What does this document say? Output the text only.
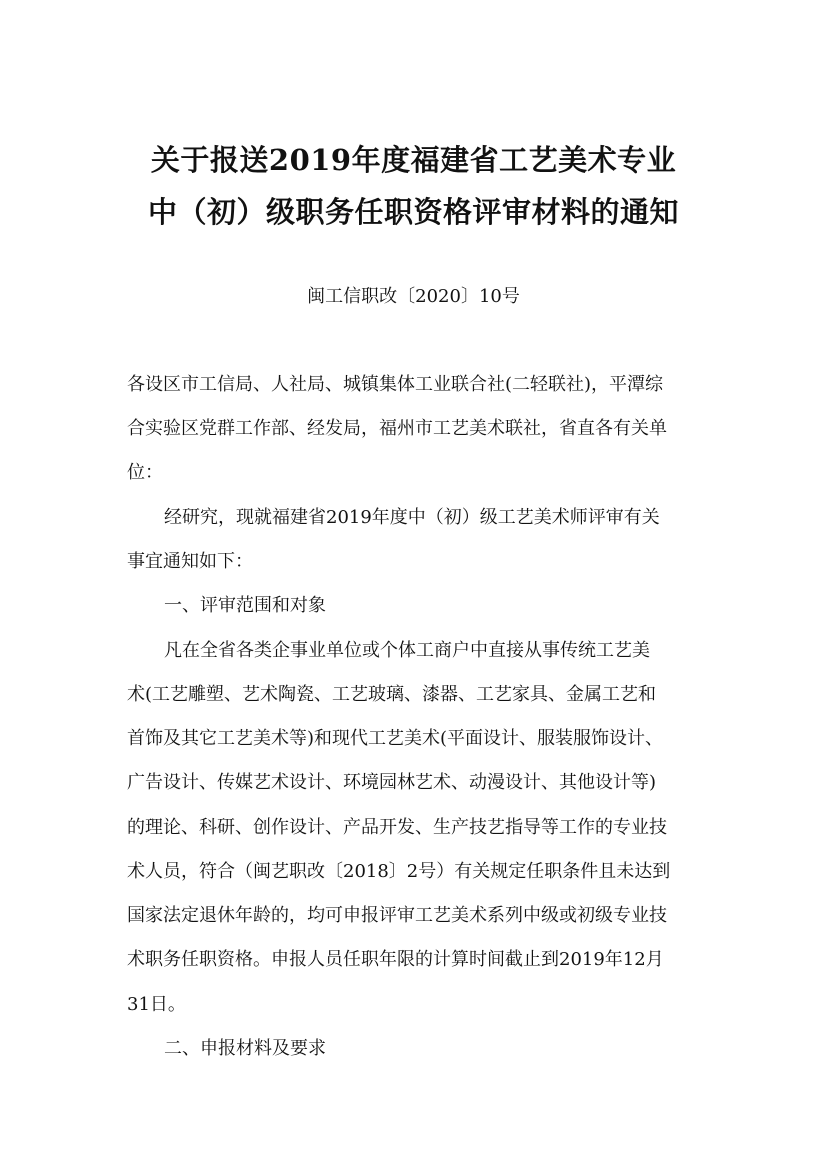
关于报送2019年度福建省工艺美术专业
中（初）级职务任职资格评审材料的通知
闽工信职改〔2020〕10号
各设区市工信局、人社局、城镇集体工业联合社(二轻联社)，平潭综
合实验区党群工作部、经发局，福州市工艺美术联社，省直各有关单
位：
经研究，现就福建省2019年度中（初）级工艺美术师评审有关
事宜通知如下：
一、评审范围和对象
凡在全省各类企事业单位或个体工商户中直接从事传统工艺美
术(工艺雕塑、艺术陶瓷、工艺玻璃、漆器、工艺家具、金属工艺和
首饰及其它工艺美术等)和现代工艺美术(平面设计、服装服饰设计、
广告设计、传媒艺术设计、环境园林艺术、动漫设计、其他设计等)
的理论、科研、创作设计、产品开发、生产技艺指导等工作的专业技
术人员，符合（闽艺职改〔2018〕2号）有关规定任职条件且未达到
国家法定退休年龄的，均可申报评审工艺美术系列中级或初级专业技
术职务任职资格。申报人员任职年限的计算时间截止到2019年12月
31日。
二、申报材料及要求
